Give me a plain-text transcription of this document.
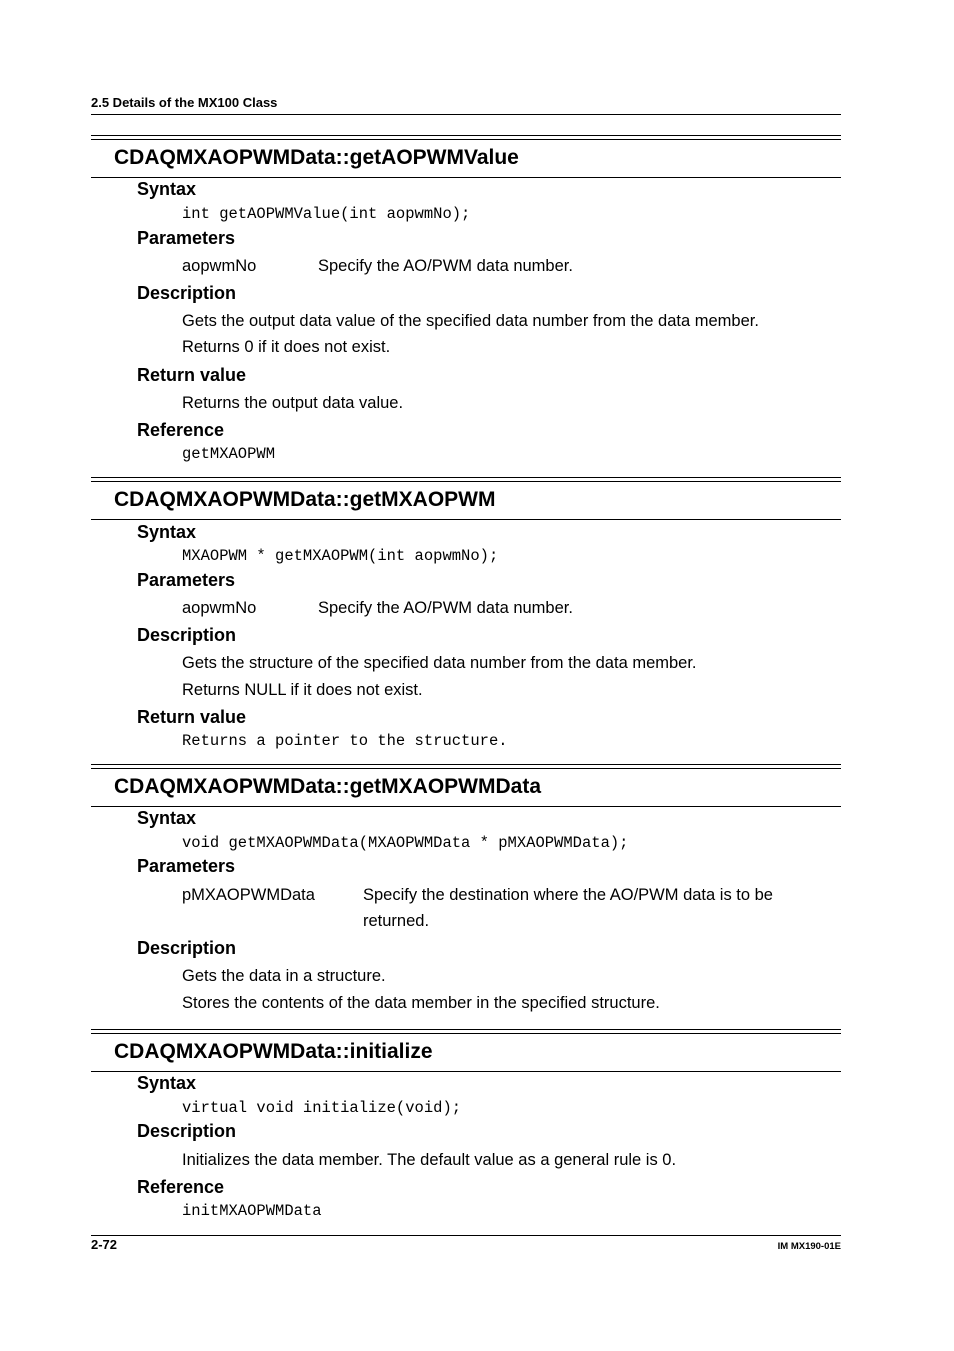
2.5 Details of the MX100 Class
CDAQMXAOPWMData::getAOPWMValue
Syntax
int getAOPWMValue(int aopwmNo);
Parameters
aopwmNo	Specify the AO/PWM data number.
Description
Gets the output data value of the specified data number from the data member.
Returns 0 if it does not exist.
Return value
Returns the output data value.
Reference
getMXAOPWM
CDAQMXAOPWMData::getMXAOPWM
Syntax
MXAOPWM * getMXAOPWM(int aopwmNo);
Parameters
aopwmNo	Specify the AO/PWM data number.
Description
Gets the structure of the specified data number from the data member.
Returns NULL if it does not exist.
Return value
Returns a pointer to the structure.
CDAQMXAOPWMData::getMXAOPWMData
Syntax
void getMXAOPWMData(MXAOPWMData * pMXAOPWMData);
Parameters
pMXAOPWMData	Specify the destination where the AO/PWM data is to be returned.
Description
Gets the data in a structure.
Stores the contents of the data member in the specified structure.
CDAQMXAOPWMData::initialize
Syntax
virtual void initialize(void);
Description
Initializes the data member. The default value as a general rule is 0.
Reference
initMXAOPWMData
2-72	IM MX190-01E
